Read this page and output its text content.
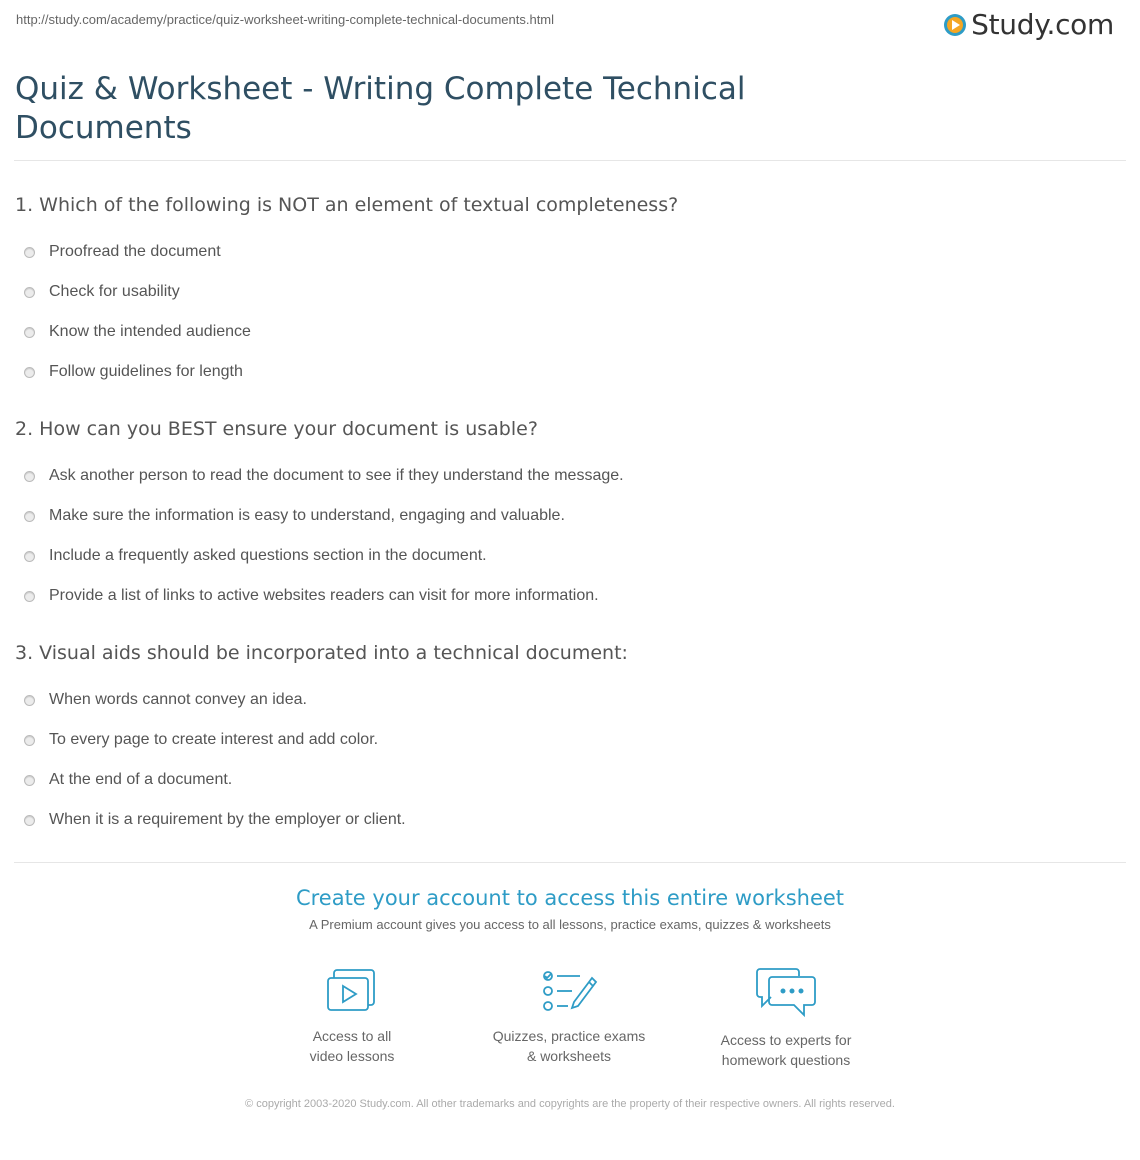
http://study.com/academy/practice/quiz-worksheet-writing-complete-technical-documents.html	Study.com
Quiz & Worksheet - Writing Complete Technical Documents
1. Which of the following is NOT an element of textual completeness?
Proofread the document
Check for usability
Know the intended audience
Follow guidelines for length
2. How can you BEST ensure your document is usable?
Ask another person to read the document to see if they understand the message.
Make sure the information is easy to understand, engaging and valuable.
Include a frequently asked questions section in the document.
Provide a list of links to active websites readers can visit for more information.
3. Visual aids should be incorporated into a technical document:
When words cannot convey an idea.
To every page to create interest and add color.
At the end of a document.
When it is a requirement by the employer or client.
Create your account to access this entire worksheet
A Premium account gives you access to all lessons, practice exams, quizzes & worksheets
Access to all
video lessons
Quizzes, practice exams
& worksheets
Access to experts for
homework questions
© copyright 2003-2020 Study.com. All other trademarks and copyrights are the property of their respective owners. All rights reserved.
